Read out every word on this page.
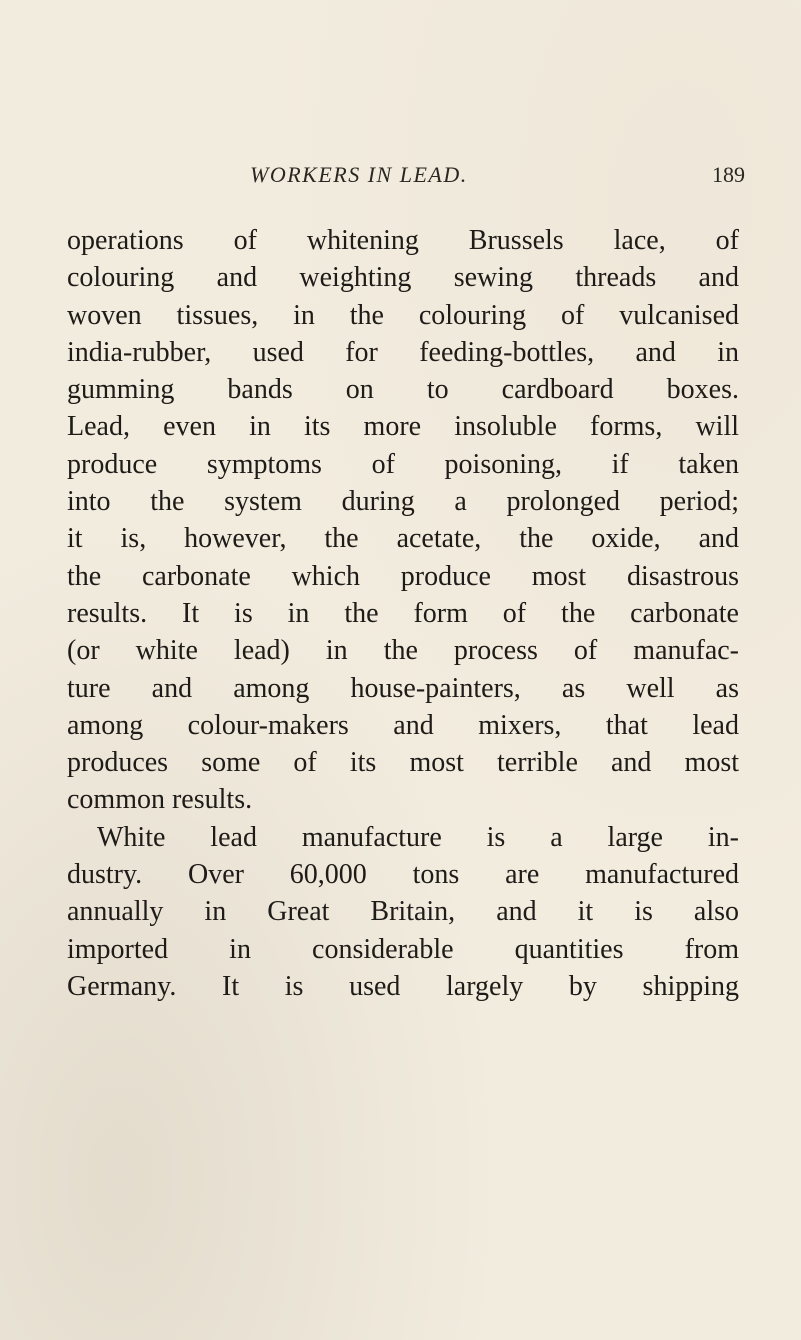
WORKERS IN LEAD.	189
operations of whitening Brussels lace, of
colouring and weighting sewing threads and
woven tissues, in the colouring of vulcanised
india-rubber, used for feeding-bottles, and in
gumming bands on to cardboard boxes.
Lead, even in its more insoluble forms, will
produce symptoms of poisoning, if taken
into the system during a prolonged period;
it is, however, the acetate, the oxide, and
the carbonate which produce most disastrous
results. It is in the form of the carbonate
(or white lead) in the process of manufac-
ture and among house-painters, as well as
among colour-makers and mixers, that lead
produces some of its most terrible and most
common results.
White lead manufacture is a large in-
dustry. Over 60,000 tons are manufactured
annually in Great Britain, and it is also
imported in considerable quantities from
Germany. It is used largely by shipping
